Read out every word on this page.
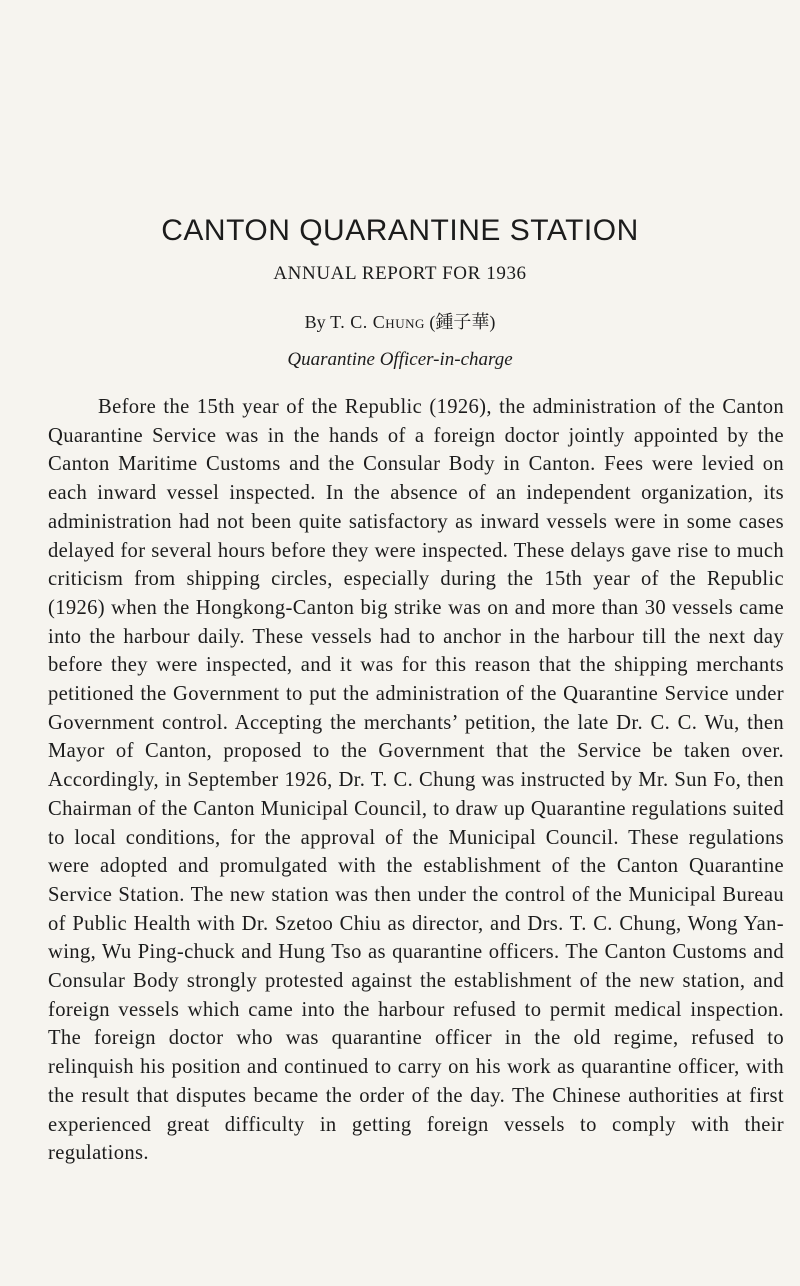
CANTON QUARANTINE STATION

ANNUAL REPORT FOR 1936

By T. C. Chung (鍾子華)

Quarantine Officer-in-charge

Before the 15th year of the Republic (1926), the administration of the Canton Quarantine Service was in the hands of a foreign doctor jointly appointed by the Canton Maritime Customs and the Consular Body in Canton. Fees were levied on each inward vessel inspected. In the absence of an independent organization, its administration had not been quite satisfactory as inward vessels were in some cases delayed for several hours before they were inspected. These delays gave rise to much criticism from shipping circles, especially during the 15th year of the Republic (1926) when the Hongkong-Canton big strike was on and more than 30 vessels came into the harbour daily. These vessels had to anchor in the harbour till the next day before they were inspected, and it was for this reason that the shipping merchants petitioned the Government to put the administration of the Quarantine Service under Government control. Accepting the merchants’ petition, the late Dr. C. C. Wu, then Mayor of Canton, proposed to the Government that the Service be taken over. Accordingly, in September 1926, Dr. T. C. Chung was instructed by Mr. Sun Fo, then Chairman of the Canton Municipal Council, to draw up Quarantine regulations suited to local conditions, for the approval of the Municipal Council. These regulations were adopted and promulgated with the establishment of the Canton Quarantine Service Station. The new station was then under the control of the Municipal Bureau of Public Health with Dr. Szetoo Chiu as director, and Drs. T. C. Chung, Wong Yan-wing, Wu Ping-chuck and Hung Tso as quarantine officers. The Canton Customs and Consular Body strongly protested against the establishment of the new station, and foreign vessels which came into the harbour refused to permit medical inspection. The foreign doctor who was quarantine officer in the old regime, refused to relinquish his position and continued to carry on his work as quarantine officer, with the result that disputes became the order of the day. The Chinese authorities at first experienced great difficulty in getting foreign vessels to comply with their regulations.
